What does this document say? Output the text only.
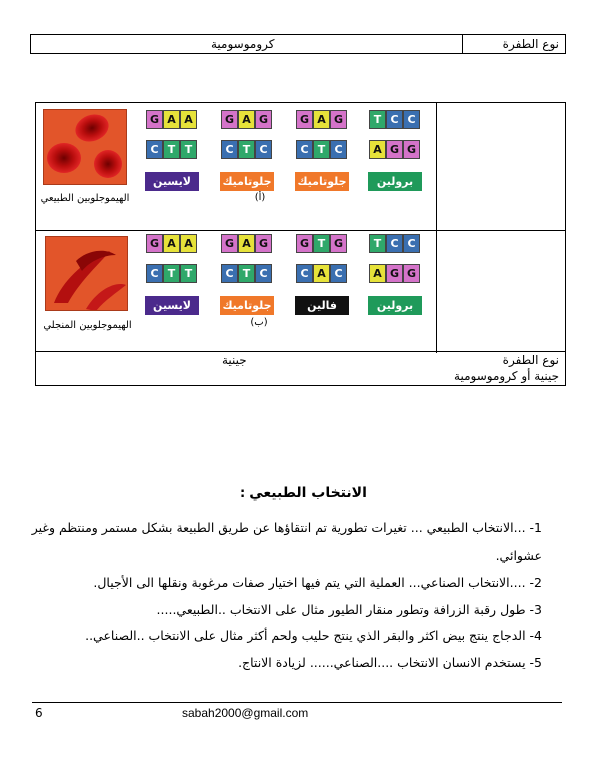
نوع الطفرة
كروموسومية
نوع الطفرة
جينية أو كروموسومية
جينية
الهيموجلوبين الطبيعي
الهيموجلوبين المنجلي
(أ)
(ب)
G A A
C T T
لايسين
G A G
C T C
جلوتاميك
G A G
C T C
جلوتاميك
T C C
A G G
برولين
G A A
C T T
لايسين
G A G
C T C
جلوتاميك
G T G
C A C
فالين
T C C
A G G
برولين
: الانتخاب الطبيعي
1- ...الانتخاب الطبيعي ... تغيرات تطورية تم انتقاؤها عن طريق الطبيعة بشكل مستمر ومنتظم وغير
عشوائي.
2- ....الانتخاب الصناعي... العملية التي يتم فيها اختيار صفات مرغوبة ونقلها الى الأجيال.
3- طول رقبة الزرافة وتطور منقار الطيور مثال على الانتخاب ..الطبيعي.....
4- الدجاج ينتج بيض اكثر والبقر الذي ينتج حليب ولحم أكثر مثال على الانتخاب ..الصناعي..
5- يستخدم الانسان الانتخاب ....الصناعي...... لزيادة الانتاج.
6	sabah2000@gmail.com
